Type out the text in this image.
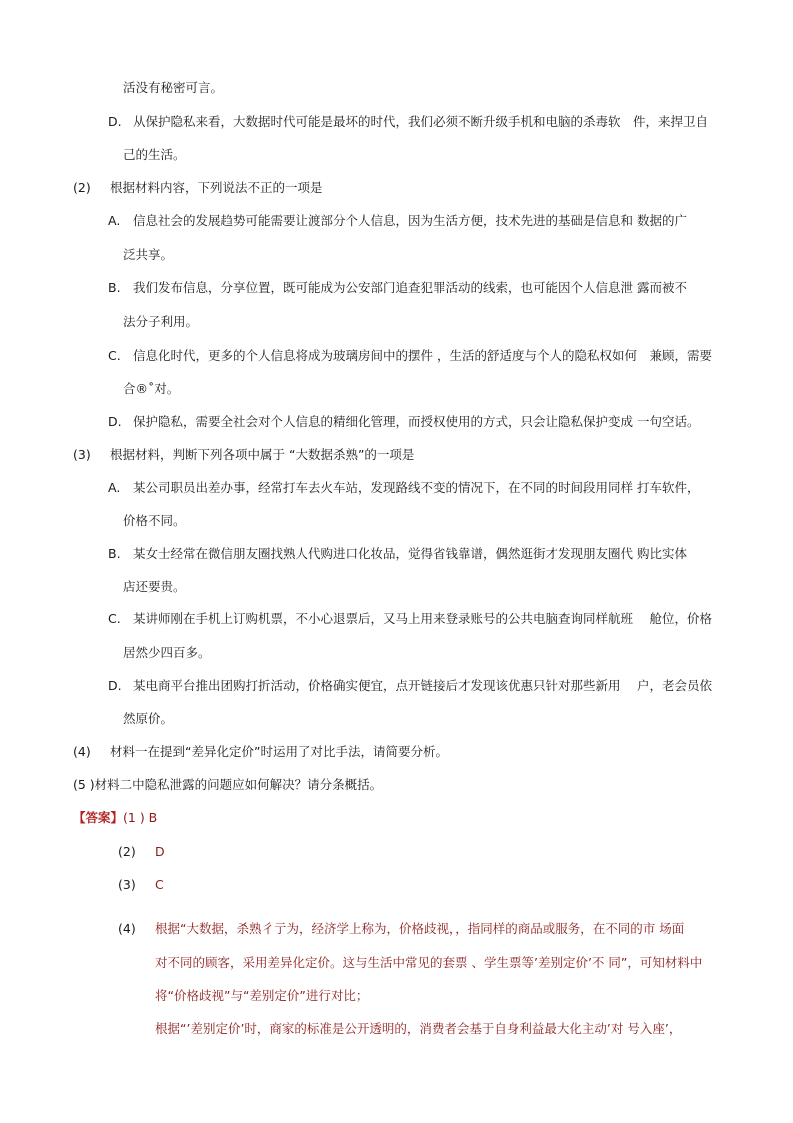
活没有秘密可言。
D. 从保护隐私来看，大数据时代可能是最坏的时代，我们必须不断升级手机和电脑的杀毒软　件，来捍卫自
己的生活。
(2) 根据材料内容，下列说法不正的一项是
A. 信息社会的发展趋势可能需要让渡部分个人信息，因为生活方便，技术先进的基础是信息和 数据的广
泛共享。
B. 我们发布信息，分享位置，既可能成为公安部门追查犯罪活动的线索，也可能因个人信息泄 露而被不
法分子利用。
C. 信息化时代，更多的个人信息将成为玻璃房间中的摆件 ，生活的舒适度与个人的隐私权如何　兼顾，需要
合®˚对。
D. 保护隐私，需要全社会对个人信息的精细化管理，而授权使用的方式，只会让隐私保护变成 一句空话。
(3) 根据材料，判断下列各项中属于 “大数据杀熟”的一项是
A. 某公司职员出差办事，经常打车去火车站，发现路线不变的情况下，在不同的时间段用同样 打车软件，
价格不同。
B. 某女士经常在微信朋友圈找熟人代购进口化妆品，觉得省钱靠谱，偶然逛街才发现朋友圈代 购比实体
店还要贵。
C. 某讲师刚在手机上订购机票，不小心退票后，又马上用来登录账号的公共电脑查询同样航班　 舱位，价格
居然少四百多。
D. 某电商平台推出团购打折活动，价格确实便宜，点开链接后才发现该优惠只针对那些新用　 户，老会员依
然原价。
(4) 材料一在提到“差异化定价”时运用了对比手法，请简要分析。
(5 )材料二中隐私泄露的问题应如何解决？请分条概括。
【答案】(1 ) B
(2) D
(3) C
(4) 根据“大数据，杀熟彳亍为，经济学上称为，价格歧视，，指同样的商品或服务，在不同的市 场面
对不同的顾客，采用差异化定价。这与生活中常见的套票 、学生票等’差别定价’不 同”，可知材料中
将“价格歧视”与“差别定价”进行对比；
根据“’差别定价’时，商家的标准是公开透明的，消费者会基于自身利益最大化主动’对 号入座’，
